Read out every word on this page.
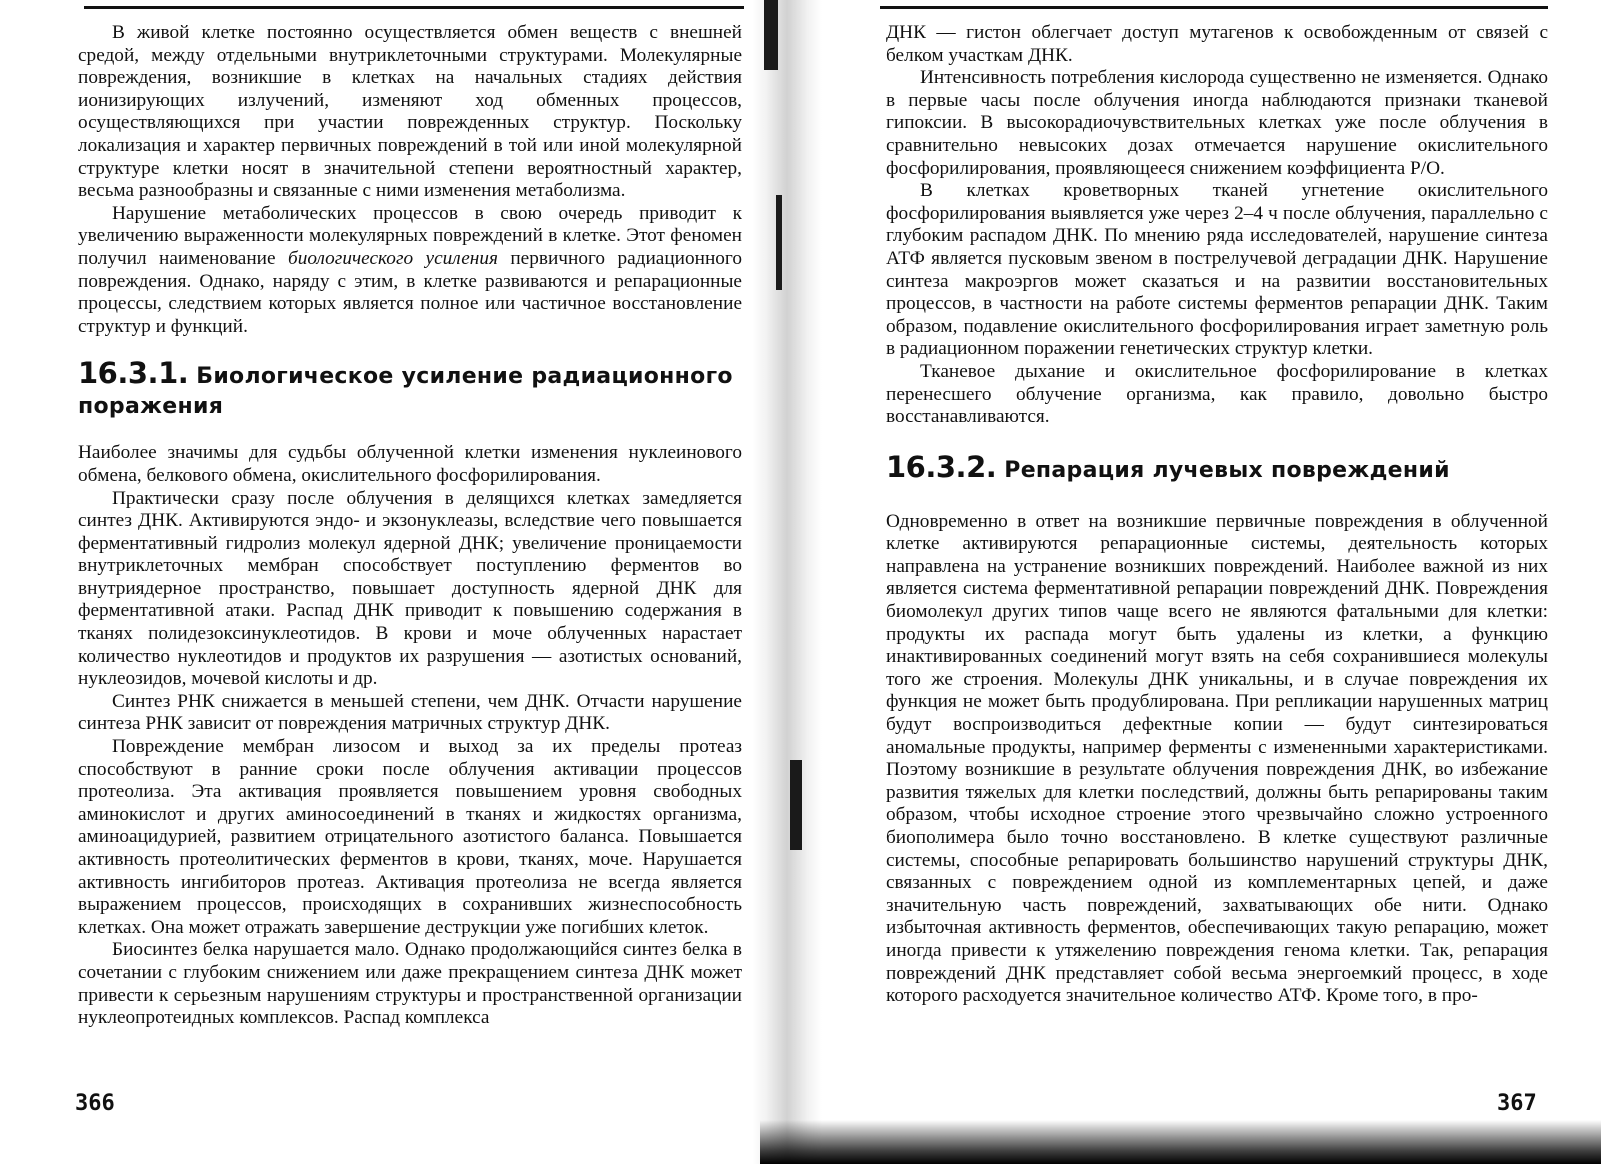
В живой клетке постоянно осуществляется обмен веществ с внешней средой, между отдельными внутриклеточными структурами. Молекулярные повреждения, возникшие в клетках на начальных стадиях действия ионизирующих излучений, изменяют ход обменных процессов, осуществляющихся при участии поврежденных структур. Поскольку локализация и характер первичных повреждений в той или иной молекулярной структуре клетки носят в значительной степени вероятностный характер, весьма разнообразны и связанные с ними изменения метаболизма.

Нарушение метаболических процессов в свою очередь приводит к увеличению выраженности молекулярных повреждений в клетке. Этот феномен получил наименование биологического усиления первичного радиационного повреждения. Однако, наряду с этим, в клетке развиваются и репарационные процессы, следствием которых является полное или частичное восстановление структур и функций.

16.3.1. Биологическое усиление радиационного поражения

Наиболее значимы для судьбы облученной клетки изменения нуклеинового обмена, белкового обмена, окислительного фосфорилирования.

Практически сразу после облучения в делящихся клетках замедляется синтез ДНК. Активируются эндо- и экзонуклеазы, вследствие чего повышается ферментативный гидролиз молекул ядерной ДНК; увеличение проницаемости внутриклеточных мембран способствует поступлению ферментов во внутриядерное пространство, повышает доступность ядерной ДНК для ферментативной атаки. Распад ДНК приводит к повышению содержания в тканях полидезоксинуклеотидов. В крови и моче облученных нарастает количество нуклеотидов и продуктов их разрушения — азотистых оснований, нуклеозидов, мочевой кислоты и др.

Синтез РНК снижается в меньшей степени, чем ДНК. Отчасти нарушение синтеза РНК зависит от повреждения матричных структур ДНК.

Повреждение мембран лизосом и выход за их пределы протеаз способствуют в ранние сроки после облучения активации процессов протеолиза. Эта активация проявляется повышением уровня свободных аминокислот и других аминосоединений в тканях и жидкостях организма, аминоацидурией, развитием отрицательного азотистого баланса. Повышается активность протеолитических ферментов в крови, тканях, моче. Нарушается активность ингибиторов протеаз. Активация протеолиза не всегда является выражением процессов, происходящих в сохранивших жизнеспособность клетках. Она может отражать завершение деструкции уже погибших клеток.

Биосинтез белка нарушается мало. Однако продолжающийся синтез белка в сочетании с глубоким снижением или даже прекращением синтеза ДНК может привести к серьезным нарушениям структуры и пространственной организации нуклеопротеидных комплексов. Распад комплекса

ДНК — гистон облегчает доступ мутагенов к освобожденным от связей с белком участкам ДНК.

Интенсивность потребления кислорода существенно не изменяется. Однако в первые часы после облучения иногда наблюдаются признаки тканевой гипоксии. В высокорадиочувствительных клетках уже после облучения в сравнительно невысоких дозах отмечается нарушение окислительного фосфорилирования, проявляющееся снижением коэффициента Р/О.

В клетках кроветворных тканей угнетение окислительного фосфорилирования выявляется уже через 2–4 ч после облучения, параллельно с глубоким распадом ДНК. По мнению ряда исследователей, нарушение синтеза АТФ является пусковым звеном в пострелучевой деградации ДНК. Нарушение синтеза макроэргов может сказаться и на развитии восстановительных процессов, в частности на работе системы ферментов репарации ДНК. Таким образом, подавление окислительного фосфорилирования играет заметную роль в радиационном поражении генетических структур клетки.

Тканевое дыхание и окислительное фосфорилирование в клетках перенесшего облучение организма, как правило, довольно быстро восстанавливаются.

16.3.2. Репарация лучевых повреждений

Одновременно в ответ на возникшие первичные повреждения в облученной клетке активируются репарационные системы, деятельность которых направлена на устранение возникших повреждений. Наиболее важной из них является система ферментативной репарации повреждений ДНК. Повреждения биомолекул других типов чаще всего не являются фатальными для клетки: продукты их распада могут быть удалены из клетки, а функцию инактивированных соединений могут взять на себя сохранившиеся молекулы того же строения. Молекулы ДНК уникальны, и в случае повреждения их функция не может быть продублирована. При репликации нарушенных матриц будут воспроизводиться дефектные копии — будут синтезироваться аномальные продукты, например ферменты с измененными характеристиками. Поэтому возникшие в результате облучения повреждения ДНК, во избежание развития тяжелых для клетки последствий, должны быть репарированы таким образом, чтобы исходное строение этого чрезвычайно сложно устроенного биополимера было точно восстановлено. В клетке существуют различные системы, способные репарировать большинство нарушений структуры ДНК, связанных с повреждением одной из комплементарных цепей, и даже значительную часть повреждений, захватывающих обе нити. Однако избыточная активность ферментов, обеспечивающих такую репарацию, может иногда привести к утяжелению повреждения генома клетки. Так, репарация повреждений ДНК представляет собой весьма энергоемкий процесс, в ходе которого расходуется значительное количество АТФ. Кроме того, в про-

366	367
